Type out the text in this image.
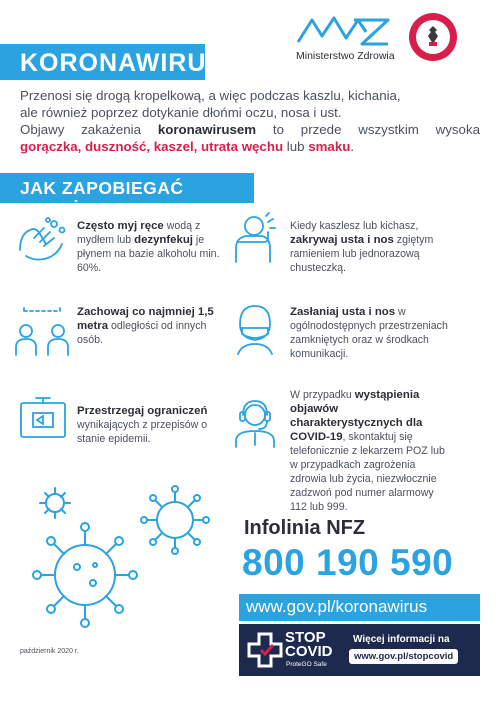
Ministerstwo Zdrowia
KORONAWIRUS
Przenosi się drogą kropelkową, a więc podczas kaszlu, kichania,
ale również poprzez dotykanie dłońmi oczu, nosa i ust.
Objawy zakażenia koronawirusem to przede wszystkim wysoka
gorączka, duszność, kaszel, utrata węchu lub smaku.
JAK ZAPOBIEGAĆ ZAKAŻENIU?
Często myj ręce wodą z mydłem lub dezynfekuj je płynem na bazie alkoholu min. 60%.
Kiedy kaszlesz lub kichasz, zakrywaj usta i nos zgiętym ramieniem lub jednorazową chusteczką.
Zachowaj co najmniej 1,5 metra odległości od innych osób.
Zasłaniaj usta i nos w ogólnodostępnych przestrzeniach zamkniętych oraz w środkach komunikacji.
Przestrzegaj ograniczeń wynikających z przepisów o stanie epidemii.
W przypadku wystąpienia objawów charakterystycznych dla COVID-19, skontaktuj się telefonicznie z lekarzem POZ lub w przypadkach zagrożenia zdrowia lub życia, niezwłocznie zadzwoń pod numer alarmowy 112 lub 999.
Infolinia NFZ
800 190 590
www.gov.pl/koronawirus
STOP
COVID
ProteGO Safe
Więcej informacji na
www.gov.pl/stopcovid
październik 2020 r.
